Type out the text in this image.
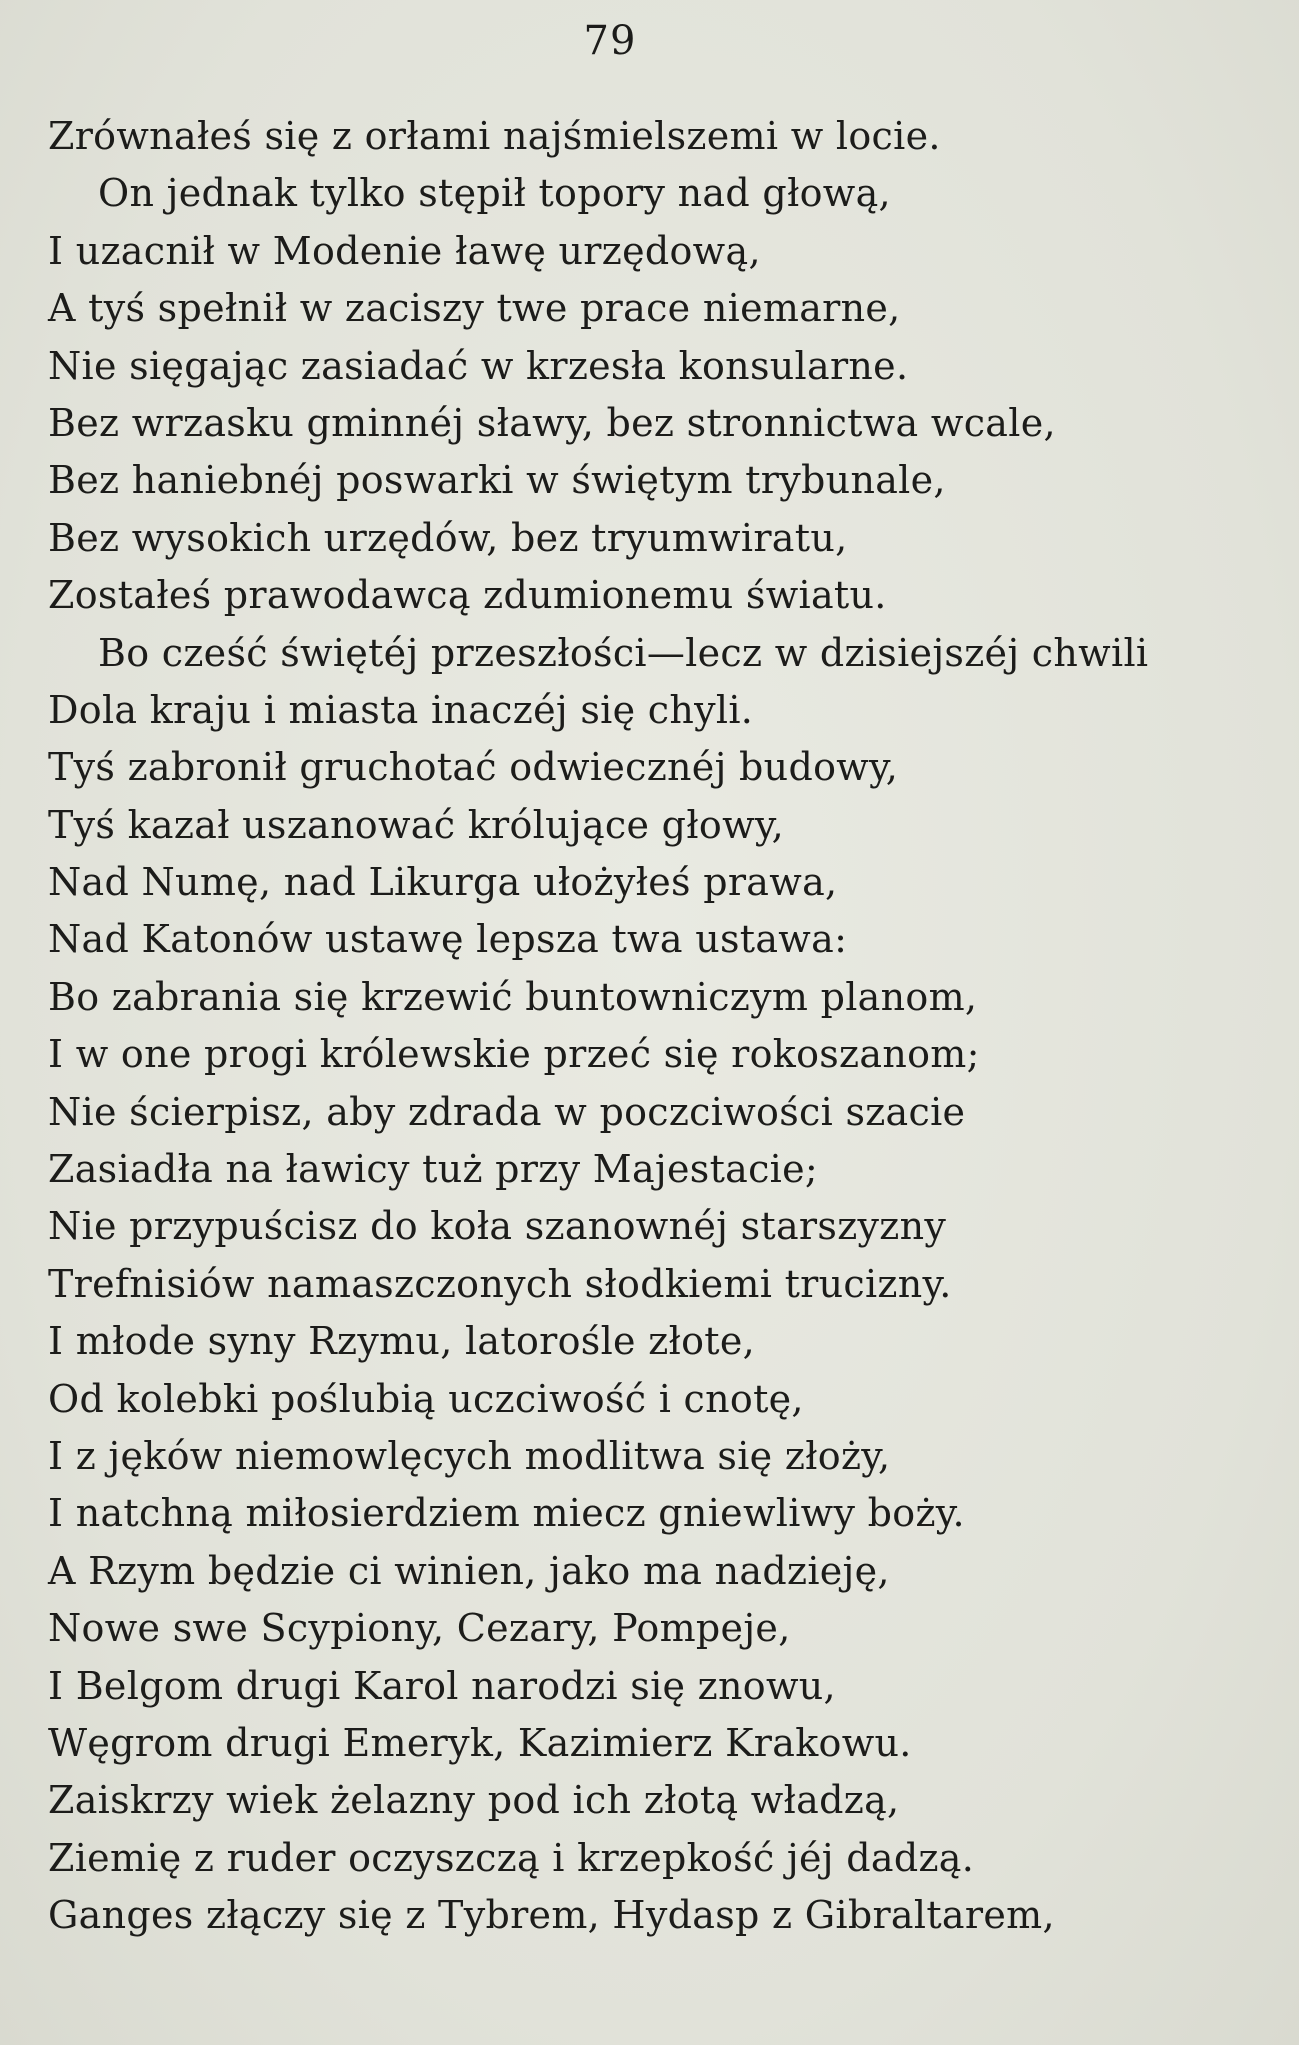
79
Zrównałeś się z orłami najśmielszemi w locie.
On jednak tylko stępił topory nad głową,
I uzacnił w Modenie ławę urzędową,
A tyś spełnił w zaciszy twe prace niemarne,
Nie sięgając zasiadać w krzesła konsularne.
Bez wrzasku gminnéj sławy, bez stronnictwa wcale,
Bez haniebnéj poswarki w świętym trybunale,
Bez wysokich urzędów, bez tryumwiratu,
Zostałeś prawodawcą zdumionemu światu.
Bo cześć świętéj przeszłości—lecz w dzisiejszéj chwili
Dola kraju i miasta inaczéj się chyli.
Tyś zabronił gruchotać odwiecznéj budowy,
Tyś kazał uszanować królujące głowy,
Nad Numę, nad Likurga ułożyłeś prawa,
Nad Katonów ustawę lepsza twa ustawa:
Bo zabrania się krzewić buntowniczym planom,
I w one progi królewskie przeć się rokoszanom;
Nie ścierpisz, aby zdrada w poczciwości szacie
Zasiadła na ławicy tuż przy Majestacie;
Nie przypuścisz do koła szanownéj starszyzny
Trefnisiów namaszczonych słodkiemi trucizny.
I młode syny Rzymu, latorośle złote,
Od kolebki poślubią uczciwość i cnotę,
I z jęków niemowlęcych modlitwa się złoży,
I natchną miłosierdziem miecz gniewliwy boży.
A Rzym będzie ci winien, jako ma nadzieję,
Nowe swe Scypiony, Cezary, Pompeje,
I Belgom drugi Karol narodzi się znowu,
Węgrom drugi Emeryk, Kazimierz Krakowu.
Zaiskrzy wiek żelazny pod ich złotą władzą,
Ziemię z ruder oczyszczą i krzepkość jéj dadzą.
Ganges złączy się z Tybrem, Hydasp z Gibraltarem,
